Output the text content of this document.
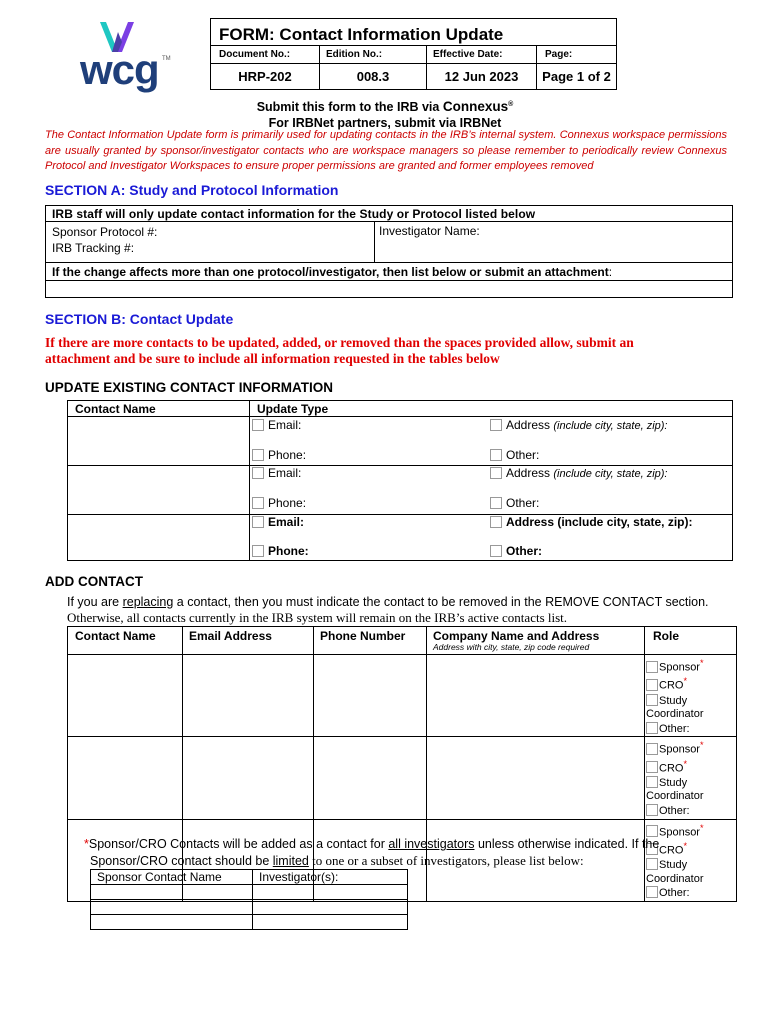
wcg TM
FORM: Contact Information Update			
Document No.:	Edition No.:	Effective Date:	Page:
HRP-202	008.3	12 Jun 2023	Page 1 of 2
Submit this form to the IRB via Connexus®
For IRBNet partners, submit via IRBNet
The Contact Information Update form is primarily used for updating contacts in the IRB’s internal system. Connexus workspace permissions are usually granted by sponsor/investigator contacts who are workspace managers so please remember to periodically review Connexus Protocol and Investigator Workspaces to ensure proper permissions are granted and former employees removed
SECTION A: Study and Protocol Information
IRB staff will only update contact information for the Study or Protocol listed below

Sponsor Protocol #:
IRB Tracking #:
	Investigator Name:
If the change affects more than one protocol/investigator, then list below or submit an attachment:

SECTION B: Contact Update
If there are more contacts to be updated, added, or removed than the spaces provided allow, submit an attachment and be sure to include all information requested in the tables below
UPDATE EXISTING CONTACT INFORMATION
Contact Name	Update Type

	Email: Address (include city, state, zip):
Phone: Other:

	Email: Address (include city, state, zip):
Phone: Other:

	Email: Address (include city, state, zip):
Phone: Other:
ADD CONTACT
If you are replacing a contact, then you must indicate the contact to be removed in the REMOVE CONTACT section.
Otherwise, all contacts currently in the IRB system will remain on the IRB’s active contacts list.
Contact Name	Email Address	Phone Number	Company Name and Address
Address with city, state, zip code required	Role

				Sponsor*
CRO*
Study Coordinator
Other:

				Sponsor*
CRO*
Study Coordinator
Other:

				Sponsor*
CRO*
Study Coordinator
Other:
*Sponsor/CRO Contacts will be added as a contact for all investigators unless otherwise indicated. If the
Sponsor/CRO contact should be limited to one or a subset of investigators, please list below:
Sponsor Contact Name	Investigator(s):
